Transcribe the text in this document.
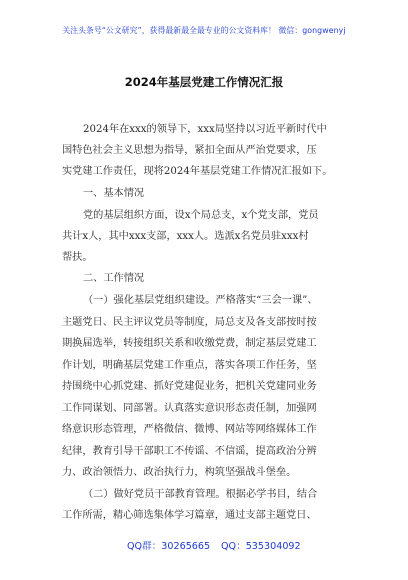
关注头条号“公文研究”，获得最新最全最专业的公文资料库！ 微信：gongwenyj
2024年基层党建工作情况汇报
2024年在xxx的领导下，xxx局坚持以习近平新时代中
国特色社会主义思想为指导，紧扣全面从严治党要求，压
实党建工作责任，现将2024年基层党建工作情况汇报如下。
一、基本情况
党的基层组织方面，设x个局总支，x个党支部，党员
共计x人，其中xxx支部，xxx人。选派x名党员驻xxx村
帮扶。
二、工作情况
（一）强化基层党组织建设。严格落实“三会一课”、
主题党日、民主评议党员等制度，局总支及各支部按时按
期换届选举，转接组织关系和收缴党费，制定基层党建工
作计划，明确基层党建工作重点，落实各项工作任务，坚
持围绕中心抓党建、抓好党建促业务，把机关党建同业务
工作同谋划、同部署。认真落实意识形态责任制，加强网
络意识形态管理，严格微信、微博、网站等网络媒体工作
纪律，教育引导干部职工不传谣、不信谣，提高政治分辨
力、政治领悟力、政治执行力，构筑坚强战斗堡垒。
（二）做好党员干部教育管理。根据必学书目，结合
工作所需，精心筛选集体学习篇章，通过支部主题党日、
QQ群：30265665 QQ：535304092
